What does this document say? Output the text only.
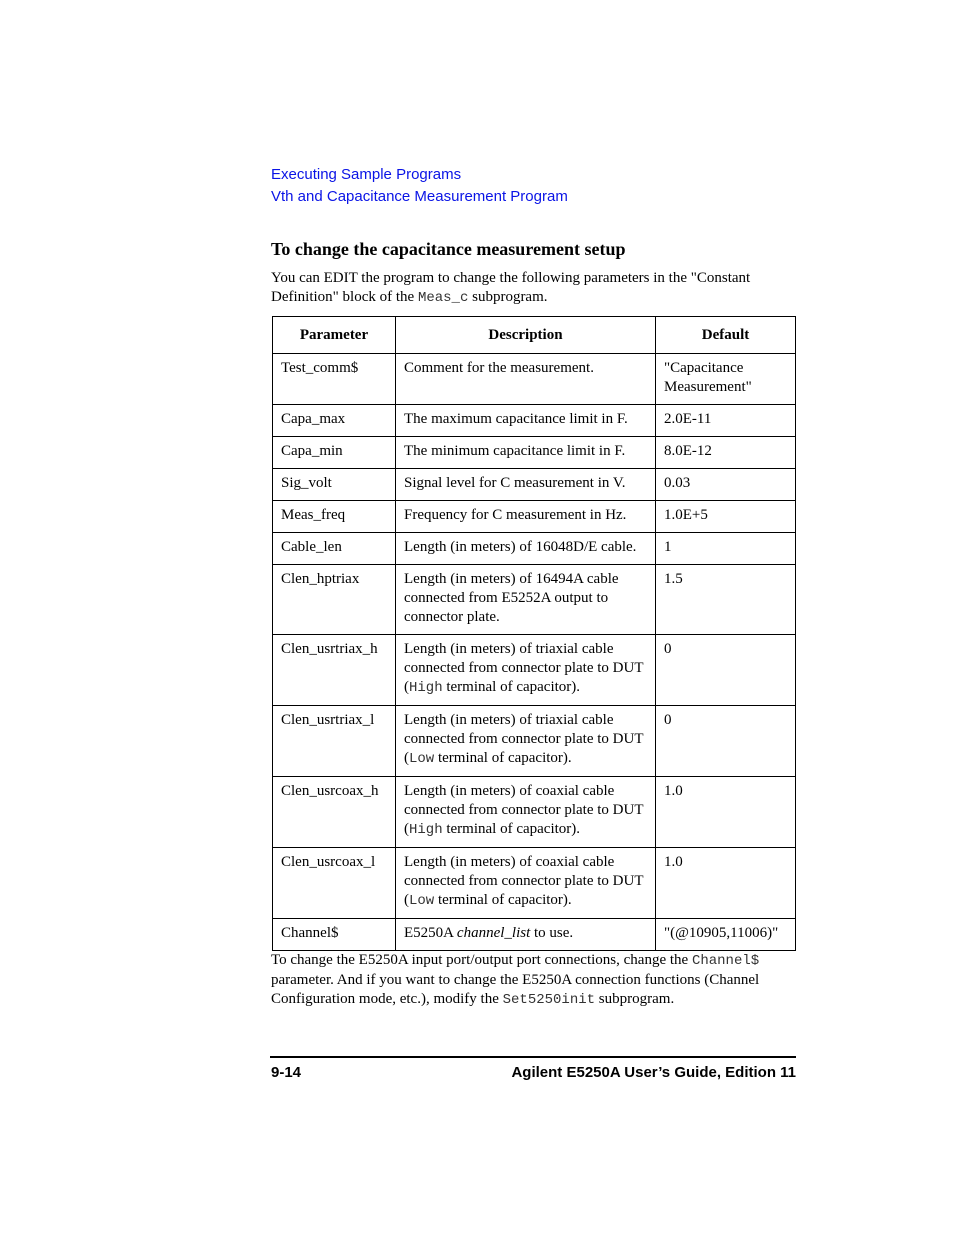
Executing Sample Programs
Vth and Capacitance Measurement Program
To change the capacitance measurement setup
You can EDIT the program to change the following parameters in the "Constant Definition" block of the Meas_c subprogram.
Parameter	Description	Default
Test_comm$	Comment for the measurement.	"Capacitance Measurement"
Capa_max	The maximum capacitance limit in F.	2.0E-11
Capa_min	The minimum capacitance limit in F.	8.0E-12
Sig_volt	Signal level for C measurement in V.	0.03
Meas_freq	Frequency for C measurement in Hz.	1.0E+5
Cable_len	Length (in meters) of 16048D/E cable.	1
Clen_hptriax	Length (in meters) of 16494A cable connected from E5252A output to connector plate.	1.5
Clen_usrtriax_h	Length (in meters) of triaxial cable connected from connector plate to DUT (High terminal of capacitor).	0
Clen_usrtriax_l	Length (in meters) of triaxial cable connected from connector plate to DUT (Low terminal of capacitor).	0
Clen_usrcoax_h	Length (in meters) of coaxial cable connected from connector plate to DUT (High terminal of capacitor).	1.0
Clen_usrcoax_l	Length (in meters) of coaxial cable connected from connector plate to DUT (Low terminal of capacitor).	1.0
Channel$	E5250A channel_list to use.	"(@10905,11006)"
To change the E5250A input port/output port connections, change the Channel$ parameter. And if you want to change the E5250A connection functions (Channel Configuration mode, etc.), modify the Set5250init subprogram.
9-14	Agilent E5250A User’s Guide, Edition 11
